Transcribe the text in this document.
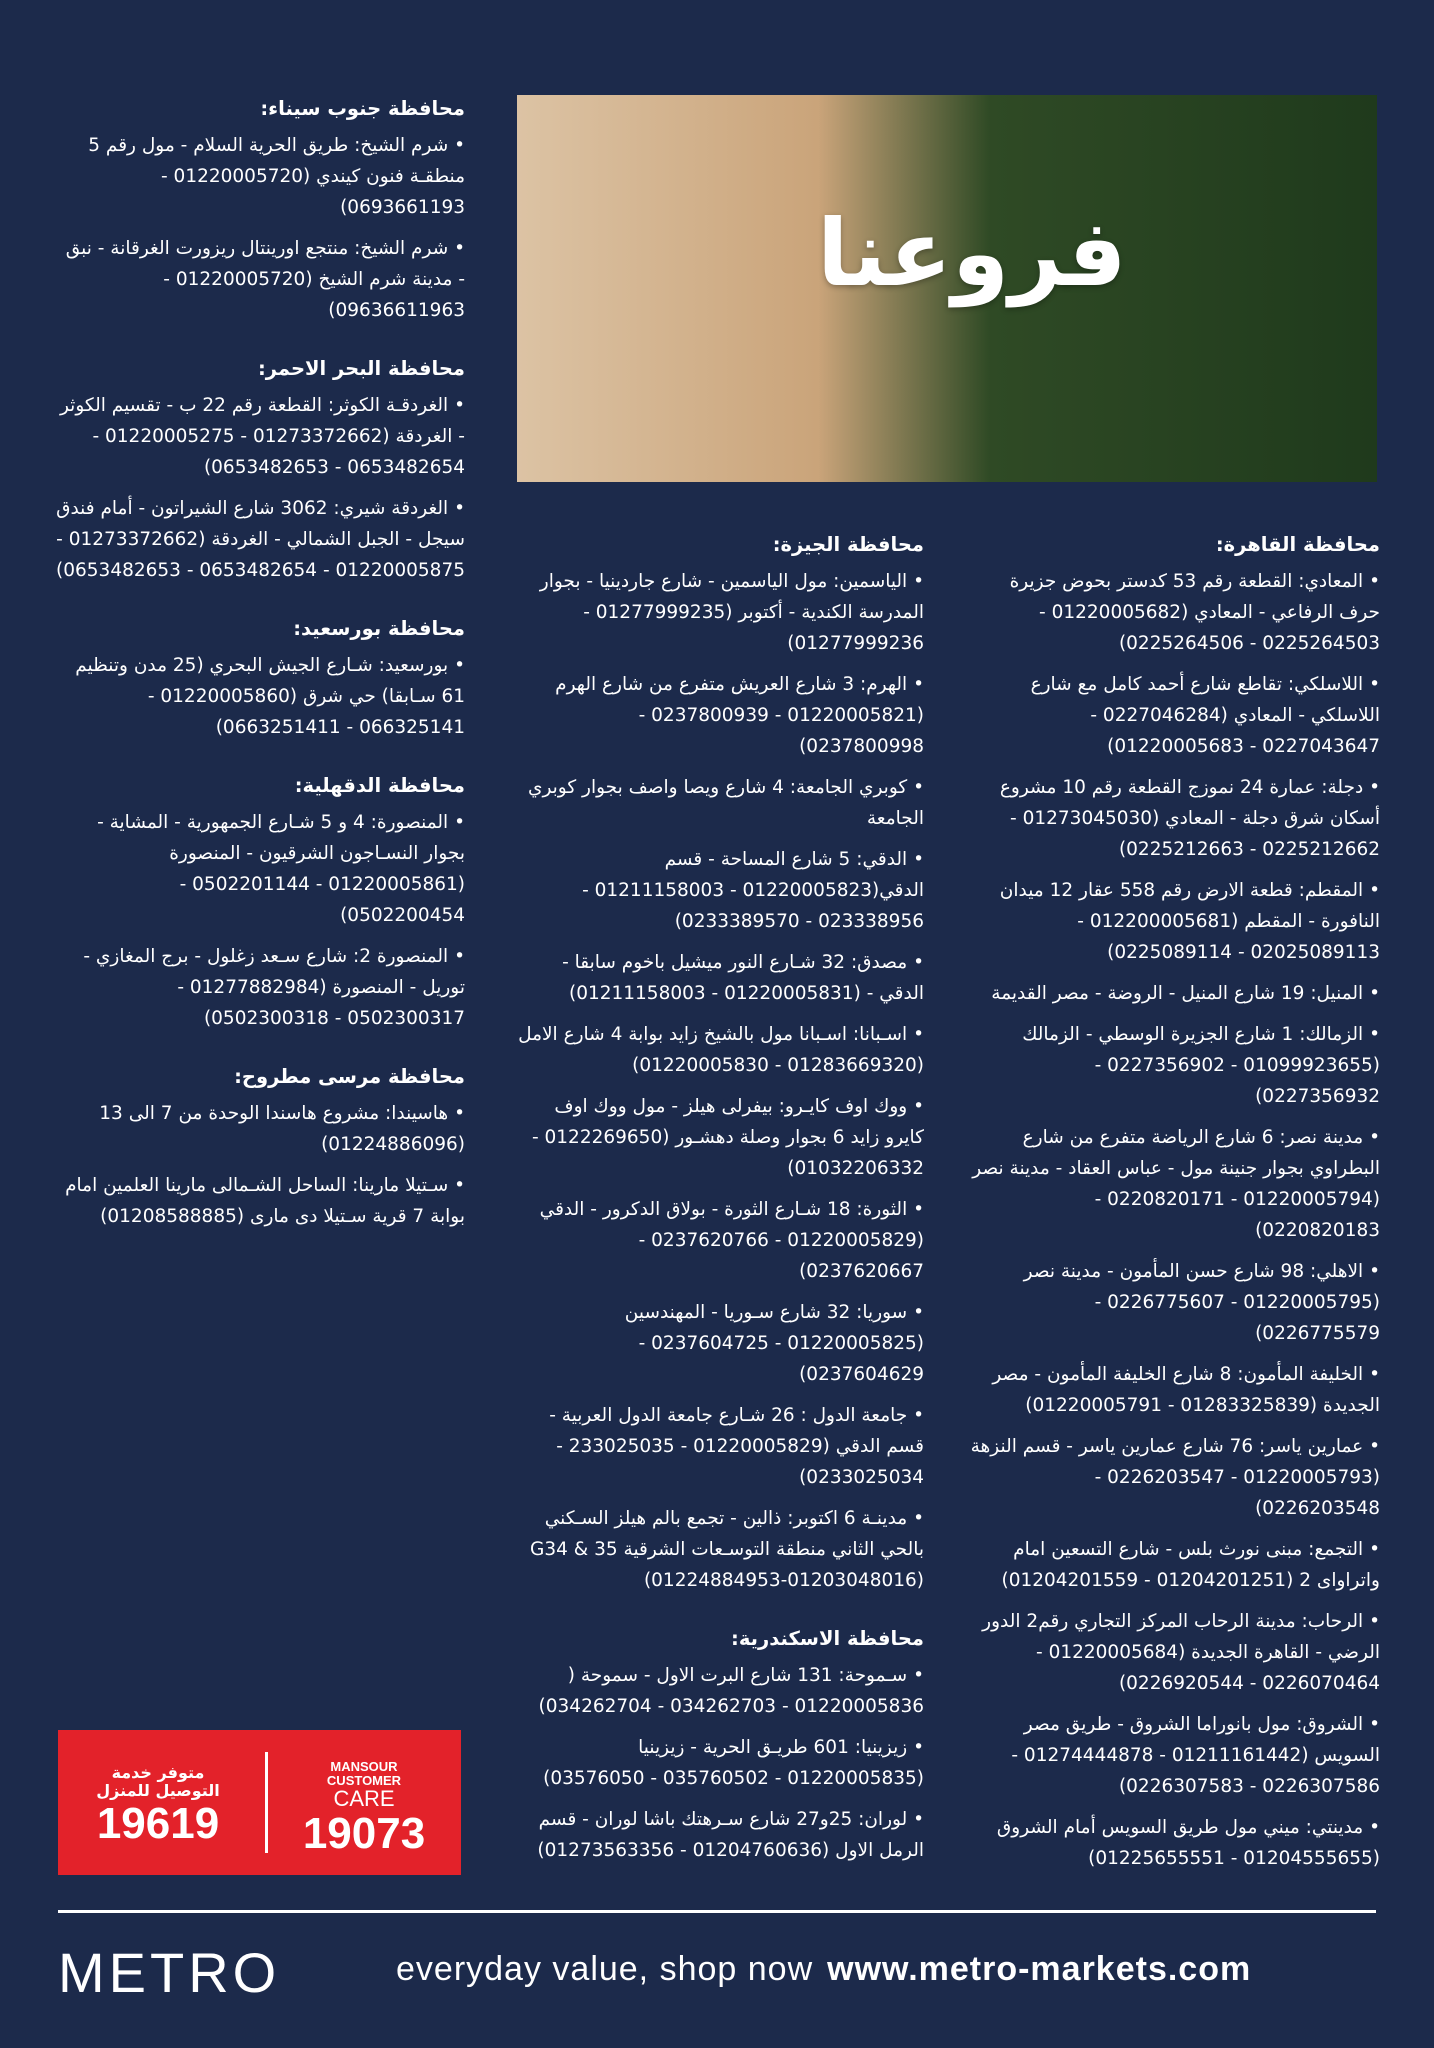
فروعنا
محافظة جنوب سيناء:

• شرم الشيخ: طريق الحرية السلام - مول رقم 5 منطقـة فنون كيندي (01220005720 - 0693661193)

• شرم الشيخ: منتجع اورينتال ريزورت الغرقانة - نبق - مدينة شرم الشيخ (01220005720 - 09636611963)

محافظة البحر الاحمر:

• الغردقـة الكوثر: القطعة رقم 22 ب - تقسيم الكوثر - الغردقة (01273372662 - 01220005275 - 0653482654 - 0653482653)

• الغردقة شيري: 3062 شارع الشيراتون - أمام فندق سيجل - الجبل الشمالي - الغردقة (01273372662 - 01220005875 - 0653482654 - 0653482653)

محافظة بورسعيد:

• بورسعيد: شـارع الجيش البحري (25 مدن وتنظيم 61 سـابقا) حي شرق (01220005860 - 066325141 - 0663251411)

محافظة الدقهلية:

• المنصورة: 4 و 5 شـارع الجمهورية - المشاية - بجوار النسـاجون الشرقيون - المنصورة (01220005861 - 0502201144 - 0502200454)

• المنصورة 2: شارع سـعد زغلول - برج المغازي - توريل - المنصورة (01277882984 - 0502300317 - 0502300318)

محافظة مرسى مطروح:

• هاسيندا: مشروع هاسندا الوحدة من 7 الى 13 (01224886096)

• سـتيلا مارينا: الساحل الشـمالى مارينا العلمين امام بوابة 7 قرية سـتيلا دى مارى (01208588885)

محافظة الجيزة:

• الياسمين: مول الياسمين - شارع جاردينيا - بجوار المدرسة الكندية - أكتوبر (01277999235 - 01277999236)

• الهرم: 3 شارع العريش متفرع من شارع الهرم (01220005821 - 0237800939 - 0237800998)

• كوبري الجامعة: 4 شارع ويصا واصف بجوار كوبري الجامعة

• الدقي: 5 شارع المساحة - قسم الدقي(01220005823 - 01211158003 - 023338956 - 0233389570)

• مصدق: 32 شـارع النور ميشيل باخوم سابقا - الدقي - (01220005831 - 01211158003)

• اسـبانا: اسـبانا مول بالشيخ زايد بوابة 4 شارع الامل (01283669320 - 01220005830)

• ووك اوف كايـرو: بيفرلى هيلز - مول ووك اوف كايرو زايد 6 بجوار وصلة دهشـور (0122269650 - 01032206332)

• الثورة: 18 شـارع الثورة - بولاق الدكرور - الدقي (01220005829 - 0237620766 - 0237620667)

• سوريا: 32 شارع سـوريا - المهندسين (01220005825 - 0237604725 - 0237604629)

• جامعة الدول : 26 شـارع جامعة الدول العربية - قسم الدقي (01220005829 - 233025035 - 0233025034)

• مدينـة 6 اكتوبر: ذالين - تجمع بالم هيلز السـكني بالحي الثاني منطقة التوسـعات الشرقية G34 & 35 (01224884953-01203048016)

محافظة الاسكندرية:

• سـموحة: 131 شارع البرت الاول - سموحة ( 01220005836 - 034262703 - 034262704)

• زيزينيا: 601 طريـق الحرية - زيزينيا (01220005835 - 035760502 - 03576050)

• لوران: 25و27 شارع سـرهتك باشا لوران - قسم الرمل الاول (01204760636 - 01273563356)

محافظة القاهرة:

• المعادي: القطعة رقم 53 كدستر بحوض جزيرة حرف الرفاعي - المعادي (01220005682 - 0225264503 - 0225264506)

• اللاسلكي: تقاطع شارع أحمد كامل مع شارع اللاسلكي - المعادي (0227046284 - 0227043647 - 01220005683)

• دجلة: عمارة 24 نموزج القطعة رقم 10 مشروع أسكان شرق دجلة - المعادي (01273045030 - 0225212662 - 0225212663)

• المقطم: قطعة الارض رقم 558 عقار 12 ميدان النافورة - المقطم (012200005681 - 02025089113 - 0225089114)

• المنيل: 19 شارع المنيل - الروضة - مصر القديمة

• الزمالك: 1 شارع الجزيرة الوسطي - الزمالك (01099923655 - 0227356902 - 0227356932)

• مدينة نصر: 6 شارع الرياضة متفرع من شارع البطراوي بجوار جنينة مول - عباس العقاد - مدينة نصر (01220005794 - 0220820171 - 0220820183)

• الاهلي: 98 شارع حسن المأمون - مدينة نصر (01220005795 - 0226775607 - 0226775579)

• الخليفة المأمون: 8 شارع الخليفة المأمون - مصر الجديدة (01283325839 - 01220005791)

• عمارين ياسر: 76 شارع عمارين ياسر - قسم النزهة (01220005793 - 0226203547 - 0226203548)

• التجمع: مبنى نورث بلس - شارع التسعين امام واتراواى 2 (01204201251 - 01204201559)

• الرحاب: مدينة الرحاب المركز التجاري رقم2 الدور الرضي - القاهرة الجديدة (01220005684 - 0226070464 - 0226920544)

• الشروق: مول بانوراما الشروق - طريق مصر السويس (01211161442 - 01274444878 - 0226307586 - 0226307583)

• مدينتي: ميني مول طريق السويس أمام الشروق (01204555655 - 01225655551)

متوفر خدمة
التوصيل للمنزل
19619
MANSOUR
CUSTOMER
CARE
19073
METRO	everyday value, shop now www.metro-markets.com
